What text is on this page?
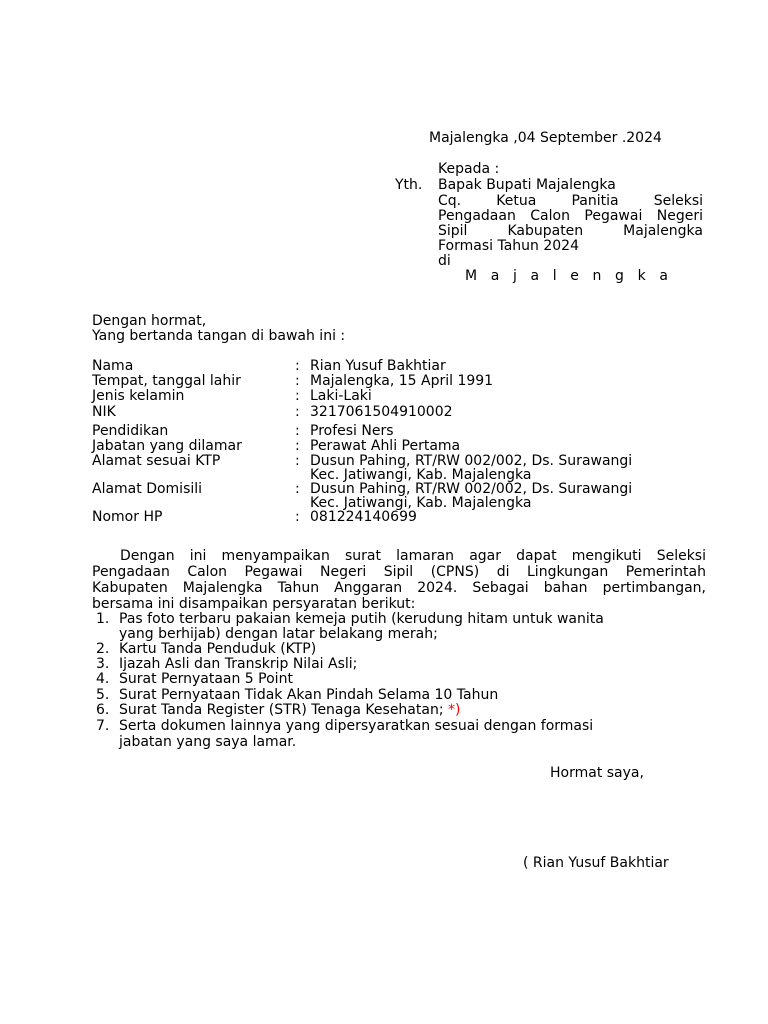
Majalengka ,04 September .2024
Kepada :
Yth. Bapak Bupati Majalengka
Cq.	Ketua	Panitia	Seleksi
Pengadaan Calon Pegawai Negeri
Sipil	Kabupaten	Majalengka
Formasi Tahun 2024
di
M a j a l e n g k a
Dengan hormat,
Yang bertanda tangan di bawah ini :
Nama	: Rian Yusuf Bakhtiar
Tempat, tanggal lahir	: Majalengka, 15 April 1991
Jenis kelamin	: Laki-Laki
NIK	: 3217061504910002
Pendidikan	: Profesi Ners
Jabatan yang dilamar	: Perawat Ahli Pertama
Alamat sesuai KTP	: Dusun Pahing, RT/RW 002/002, Ds. Surawangi
Kec. Jatiwangi, Kab. Majalengka
Alamat Domisili	: Dusun Pahing, RT/RW 002/002, Ds. Surawangi
Kec. Jatiwangi, Kab. Majalengka
Nomor HP	: 081224140699
Dengan ini menyampaikan surat lamaran agar dapat mengikuti Seleksi
Pengadaan Calon Pegawai Negeri Sipil (CPNS) di Lingkungan Pemerintah
Kabupaten Majalengka Tahun Anggaran 2024. Sebagai bahan pertimbangan,
bersama ini disampaikan persyaratan berikut:
1. Pas foto terbaru pakaian kemeja putih (kerudung hitam untuk wanita
yang berhijab) dengan latar belakang merah;
2. Kartu Tanda Penduduk (KTP)
3. Ijazah Asli dan Transkrip Nilai Asli;
4. Surat Pernyataan 5 Point
5. Surat Pernyataan Tidak Akan Pindah Selama 10 Tahun
6. Surat Tanda Register (STR) Tenaga Kesehatan; *)
7. Serta dokumen lainnya yang dipersyaratkan sesuai dengan formasi
jabatan yang saya lamar.
Hormat saya,
( Rian Yusuf Bakhtiar
